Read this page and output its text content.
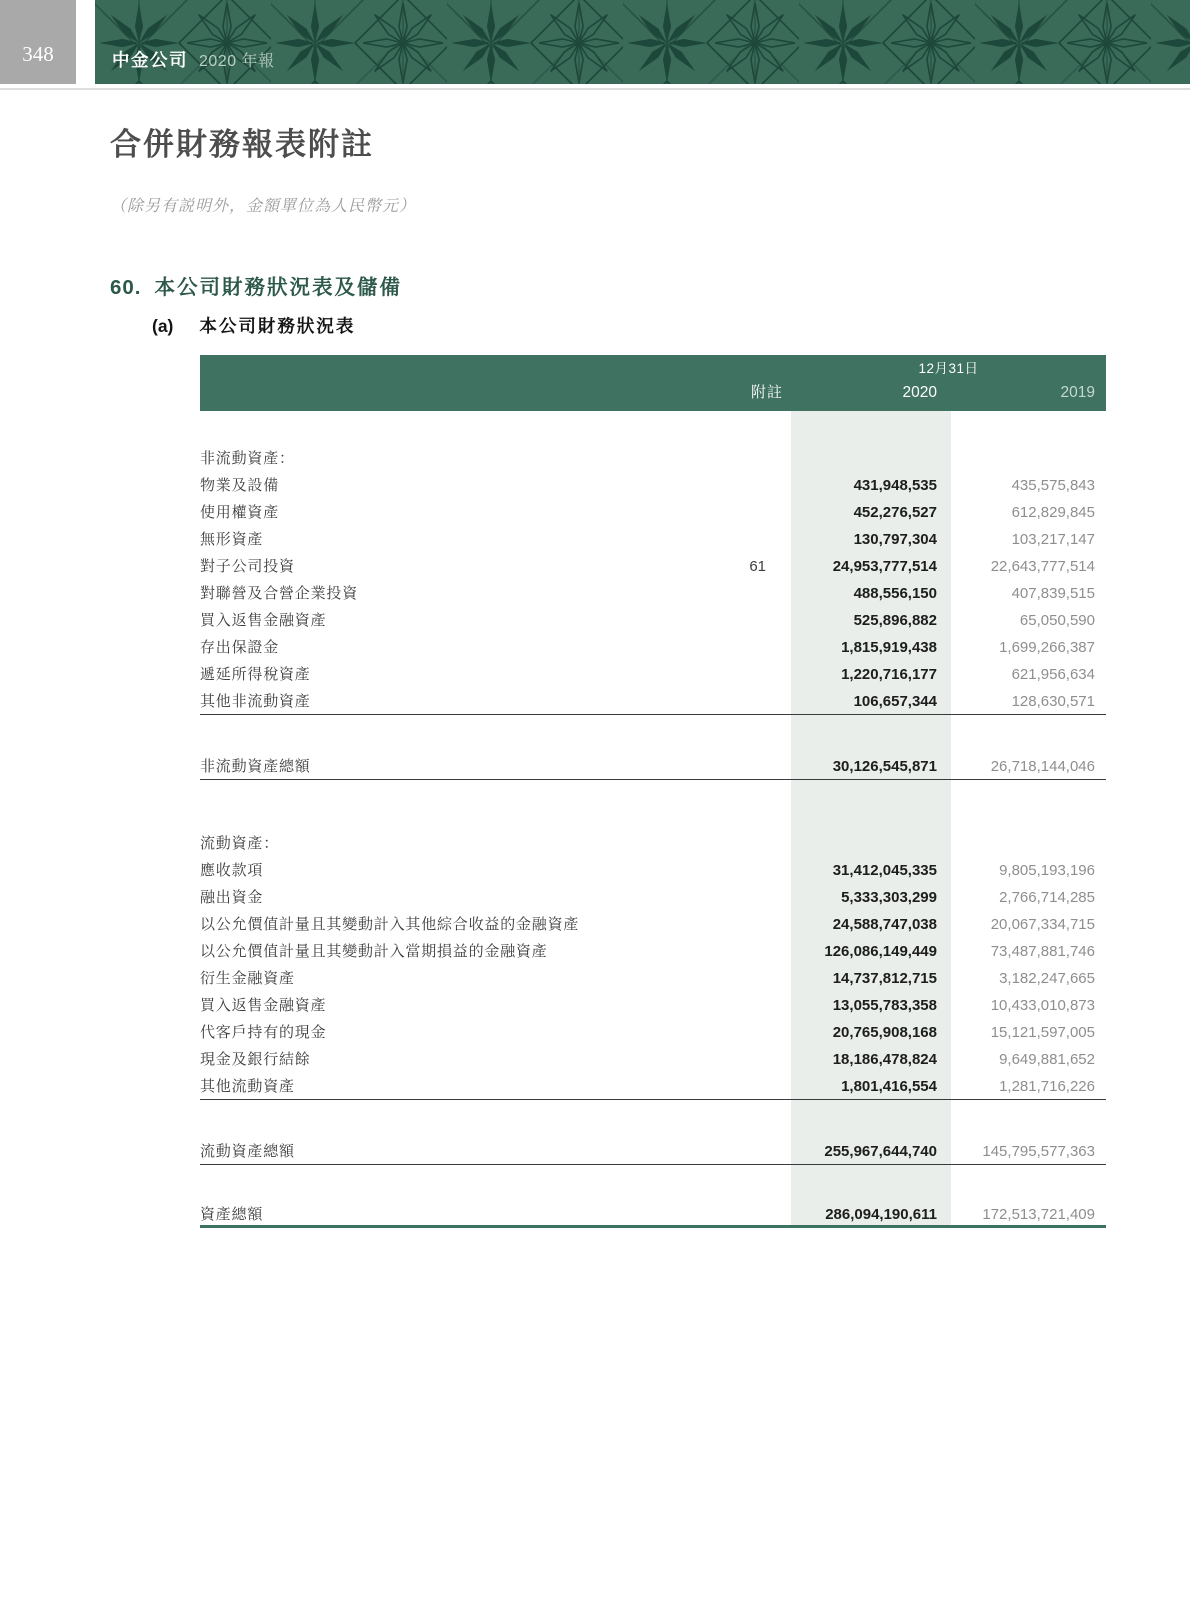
348	中金公司 2020 年報
合併財務報表附註

（除另有説明外，金額單位為人民幣元）

60. 本公司財務狀況表及儲備
(a) 本公司財務狀況表
附註
12月31日
2020	2019
非流動資產：
物業及設備	431,948,535	435,575,843
使用權資產	452,276,527	612,829,845
無形資產	130,797,304	103,217,147
對子公司投資	61	24,953,777,514	22,643,777,514
對聯營及合營企業投資	488,556,150	407,839,515
買入返售金融資產	525,896,882	65,050,590
存出保證金	1,815,919,438	1,699,266,387
遞延所得稅資產	1,220,716,177	621,956,634
其他非流動資產	106,657,344	128,630,571
非流動資產總額	30,126,545,871	26,718,144,046
流動資產：
應收款項	31,412,045,335	9,805,193,196
融出資金	5,333,303,299	2,766,714,285
以公允價值計量且其變動計入其他綜合收益的金融資產	24,588,747,038	20,067,334,715
以公允價值計量且其變動計入當期損益的金融資產	126,086,149,449	73,487,881,746
衍生金融資產	14,737,812,715	3,182,247,665
買入返售金融資產	13,055,783,358	10,433,010,873
代客戶持有的現金	20,765,908,168	15,121,597,005
現金及銀行結餘	18,186,478,824	9,649,881,652
其他流動資產	1,801,416,554	1,281,716,226
流動資產總額	255,967,644,740	145,795,577,363
資產總額	286,094,190,611	172,513,721,409
